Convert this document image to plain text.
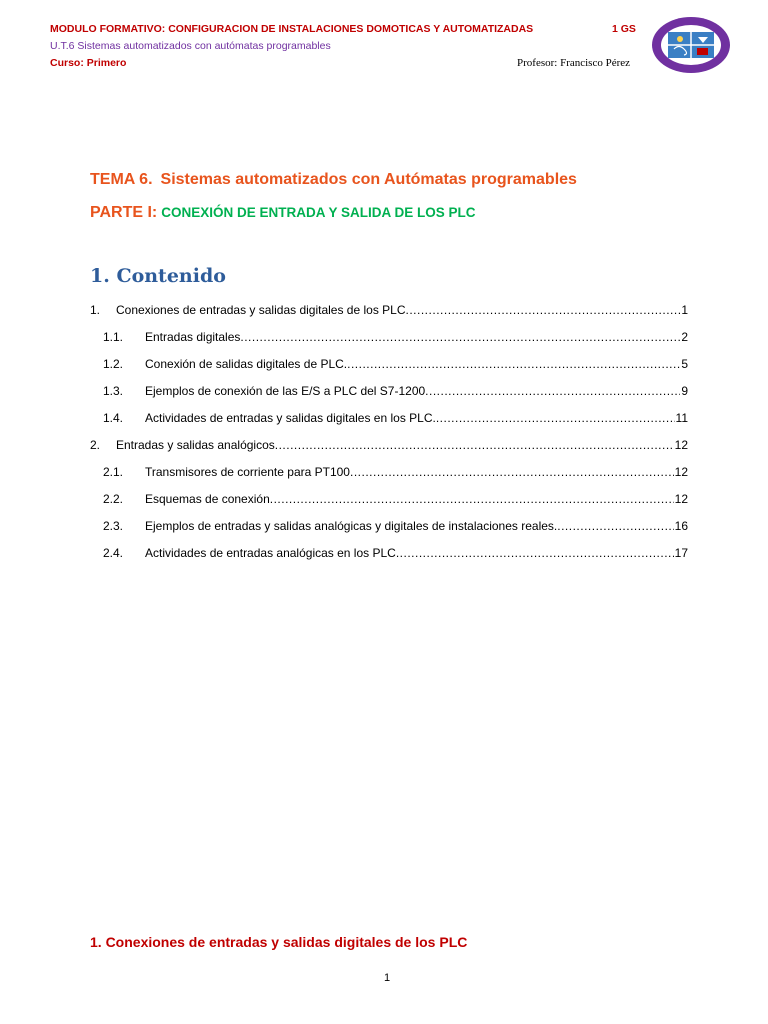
MODULO FORMATIVO: CONFIGURACION DE INSTALACIONES DOMOTICAS Y AUTOMATIZADAS	1 GS
U.T.6 Sistemas automatizados con autómatas programables
Curso: Primero	Profesor: Francisco Pérez
TEMA 6. Sistemas automatizados con Autómatas programables
PARTE I: CONEXIÓN DE ENTRADA Y SALIDA DE LOS PLC
1. Contenido
1.	Conexiones de entradas y salidas digitales de los PLC .....	1
1.1.	Entradas digitales .....	2
1.2.	Conexión de salidas digitales de PLC. .....	5
1.3.	Ejemplos de conexión de las E/S a PLC del S7-1200 .....	9
1.4.	Actividades de entradas y salidas digitales en los PLC. .....	11
2.	Entradas y salidas analógicos .....	12
2.1.	Transmisores de corriente para PT100 .....	12
2.2.	Esquemas de conexión .....	12
2.3.	Ejemplos de entradas y salidas analógicas y digitales de instalaciones reales. .....	16
2.4.	Actividades de entradas analógicas en los PLC .....	17
1. Conexiones de entradas y salidas digitales de los PLC
1
